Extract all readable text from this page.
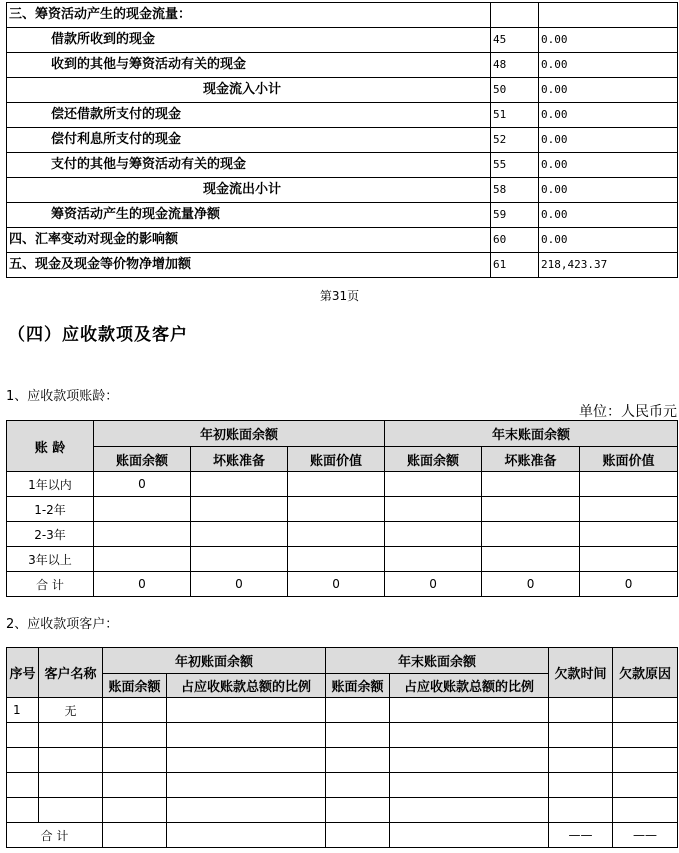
三、筹资活动产生的现金流量：		
借款所收到的现金	45	0.00
收到的其他与筹资活动有关的现金	48	0.00
现金流入小计	50	0.00
偿还借款所支付的现金	51	0.00
偿付利息所支付的现金	52	0.00
支付的其他与筹资活动有关的现金	55	0.00
现金流出小计	58	0.00
筹资活动产生的现金流量净额	59	0.00
四、汇率变动对现金的影响额	60	0.00
五、现金及现金等价物净增加额	61	218,423.37
第31页
（四）应收款项及客户
1、应收款项账龄：
单位：人民币元
账 龄	年初账面余额			年末账面余额		
	账面余额	坏账准备	账面价值	账面余额	坏账准备	账面价值
1年以内	0					
1-2年						
2-3年						
3年以上						
合 计	0	0	0	0	0	0
2、应收款项客户：
序号	客户名称	年初账面余额		年末账面余额		欠款时间	欠款原因
		账面余额	占应收账款总额的比例	账面余额	占应收账款总额的比例		
1	无						

合 计						——	——
